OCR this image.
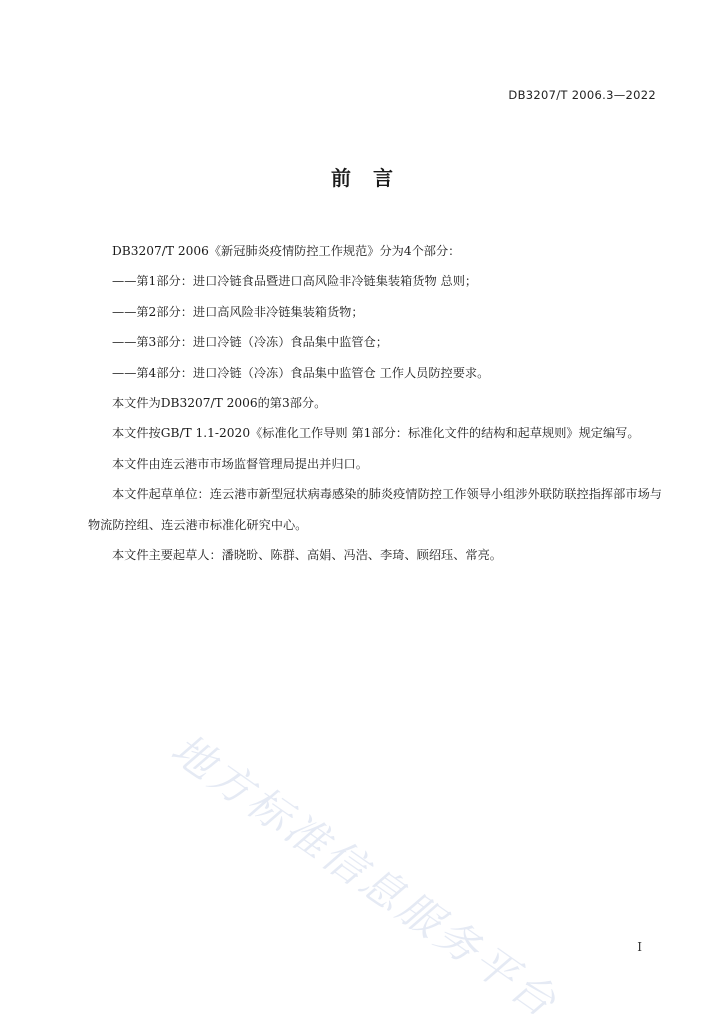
DB3207/T 2006.3—2022
前言

DB3207/T 2006《新冠肺炎疫情防控工作规范》分为4个部分：

——第1部分：进口冷链食品暨进口高风险非冷链集装箱货物 总则；

——第2部分：进口高风险非冷链集装箱货物；

——第3部分：进口冷链（冷冻）食品集中监管仓；

——第4部分：进口冷链（冷冻）食品集中监管仓 工作人员防控要求。

本文件为DB3207/T 2006的第3部分。

本文件按GB/T 1.1-2020《标准化工作导则 第1部分：标准化文件的结构和起草规则》规定编写。

本文件由连云港市市场监督管理局提出并归口。

本文件起草单位：连云港市新型冠状病毒感染的肺炎疫情防控工作领导小组涉外联防联控指挥部市场与物流防控组、连云港市标准化研究中心。

本文件主要起草人：潘晓昐、陈群、高娟、冯浩、李琦、顾绍珏、常亮。

地方标准信息服务平台	I
